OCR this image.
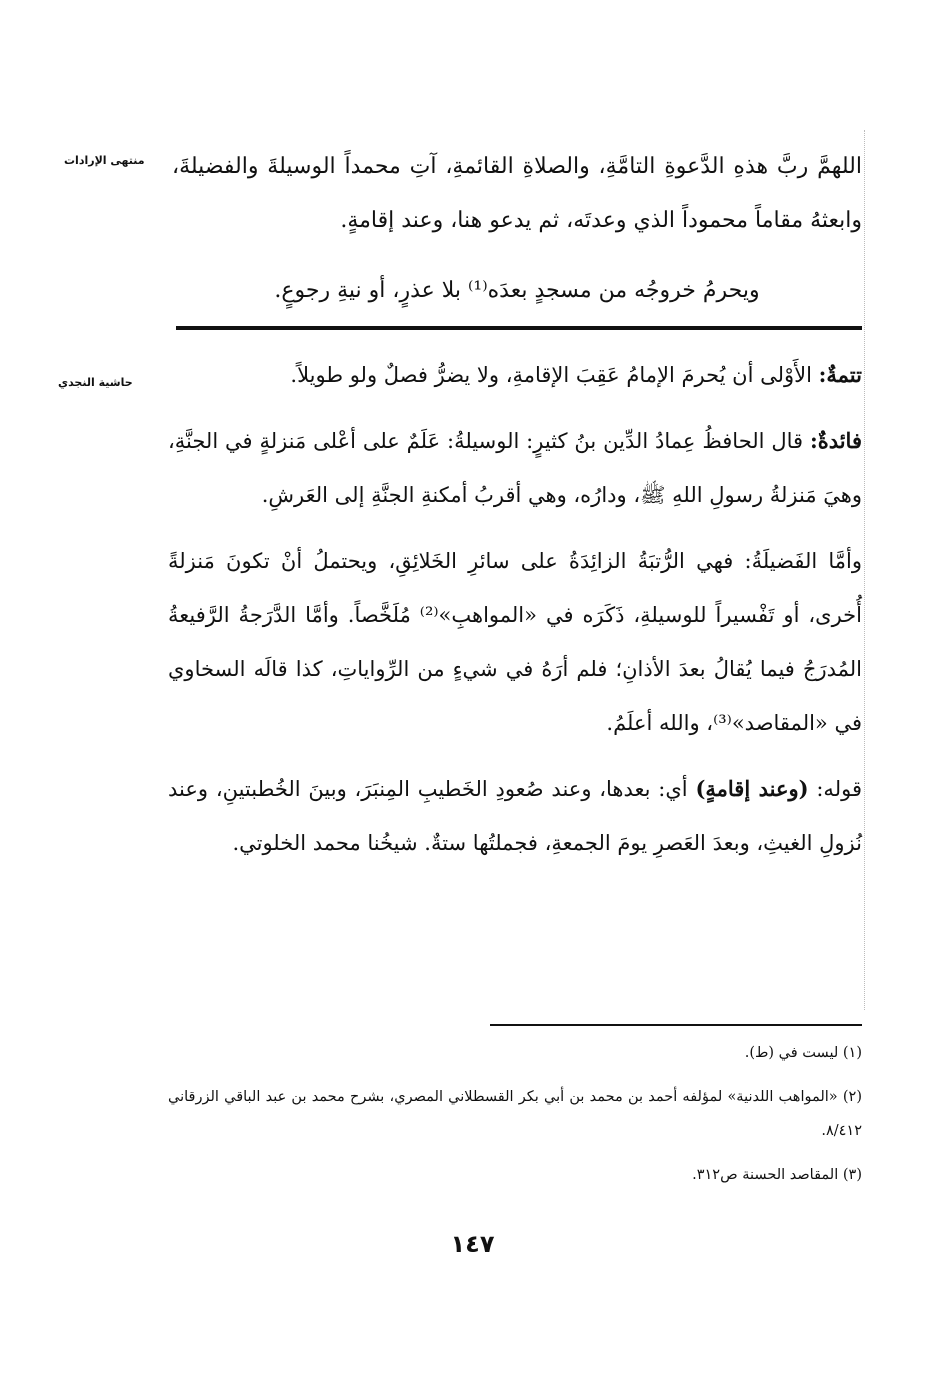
منتهى الإرادات اللهمَّ ربَّ هذهِ الدَّعوةِ التامَّةِ، والصلاةِ القائمةِ، آتِ محمداً الوسيلةَ والفضيلةَ، وابعثهُ مقاماً محموداً الذي وعدتَه، ثم يدعو هنا، وعند إقامةٍ.

ويحرمُ خروجُه من مسجدٍ بعدَه⁽¹⁾ بلا عذرٍ، أو نيةِ رجوعٍ.

حاشية النجدي	تتمةٌ: الأَوْلى أن يُحرمَ الإمامُ عَقِبَ الإقامةِ، ولا يضرُّ فصلٌ ولو طويلاً.

فائدةٌ: قال الحافظُ عِمادُ الدِّين بنُ كثيرٍ: الوسيلةُ: عَلَمٌ على أعْلى مَنزلةٍ في الجنَّةِ، وهيَ مَنزلةُ رسولِ اللهِ ﷺ، ودارُه، وهي أقربُ أمكنةِ الجنَّةِ إلى العَرشِ.

وأمَّا الفَضيلَةُ: فهي الرُّتبَةُ الزائِدَةُ على سائرِ الخَلائِقِ، ويحتملُ أنْ تكونَ مَنزلةً أُخرى، أو تَفْسيراً للوسيلةِ، ذَكَرَه في «المواهبِ»⁽²⁾ مُلَخَّصاً. وأمَّا الدَّرَجةُ الرَّفيعةُ المُدرَجُ فيما يُقالُ بعدَ الأذانِ؛ فلم أرَهُ في شيءٍ من الرِّواياتِ، كذا قالَه السخاوي في «المقاصد»⁽³⁾، والله أعلَمُ.

قوله: (وعند إقامةٍ) أي: بعدها، وعند صُعودِ الخَطيبِ المِنبَرَ، وبينَ الخُطبتينِ، وعند نُزولِ الغيثِ، وبعدَ العَصرِ يومَ الجمعةِ، فجملتُها ستةٌ. شيخُنا محمد الخلوتي.

(١) ليست في (ط).

(٢) «المواهب اللدنية» لمؤلفه أحمد بن محمد بن أبي بكر القسطلاني المصري، بشرح محمد بن عبد الباقي الزرقاني ٨/٤١٢.

(٣) المقاصد الحسنة ص٣١٢.

١٤٧
